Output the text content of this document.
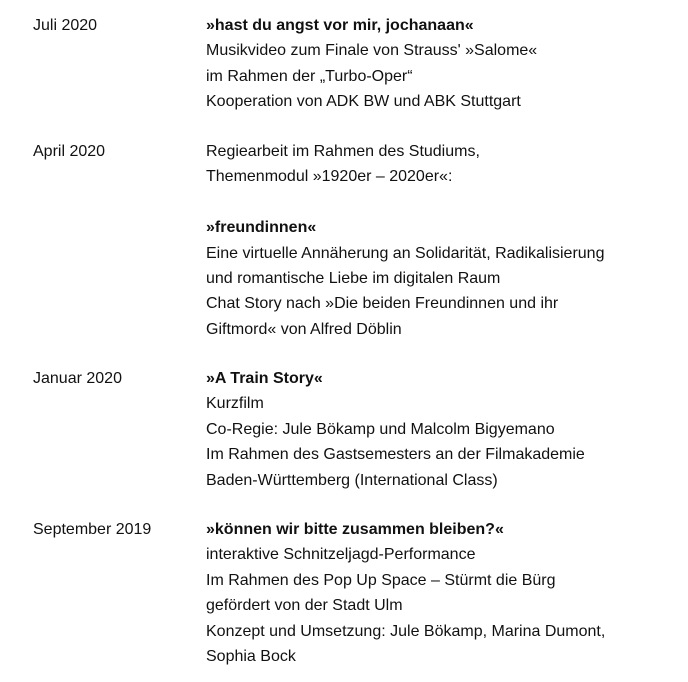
Juli 2020	»hast du angst vor mir, jochanaan«
Musikvideo zum Finale von Strauss' »Salome«
im Rahmen der „Turbo-Oper“
Kooperation von ADK BW und ABK Stuttgart
April 2020	Regiearbeit im Rahmen des Studiums,
Themenmodul »1920er – 2020er«:
»freundinnen«
Eine virtuelle Annäherung an Solidarität, Radikalisierung
und romantische Liebe im digitalen Raum
Chat Story nach »Die beiden Freundinnen und ihr
Giftmord« von Alfred Döblin
Januar 2020	»A Train Story«
Kurzfilm
Co-Regie: Jule Bökamp und Malcolm Bigyemano
Im Rahmen des Gastsemesters an der Filmakademie
Baden-Württemberg (International Class)
September 2019	»können wir bitte zusammen bleiben?«
interaktive Schnitzeljagd-Performance
Im Rahmen des Pop Up Space – Stürmt die Bürg
gefördert von der Stadt Ulm
Konzept und Umsetzung: Jule Bökamp, Marina Dumont,
Sophia Bock
